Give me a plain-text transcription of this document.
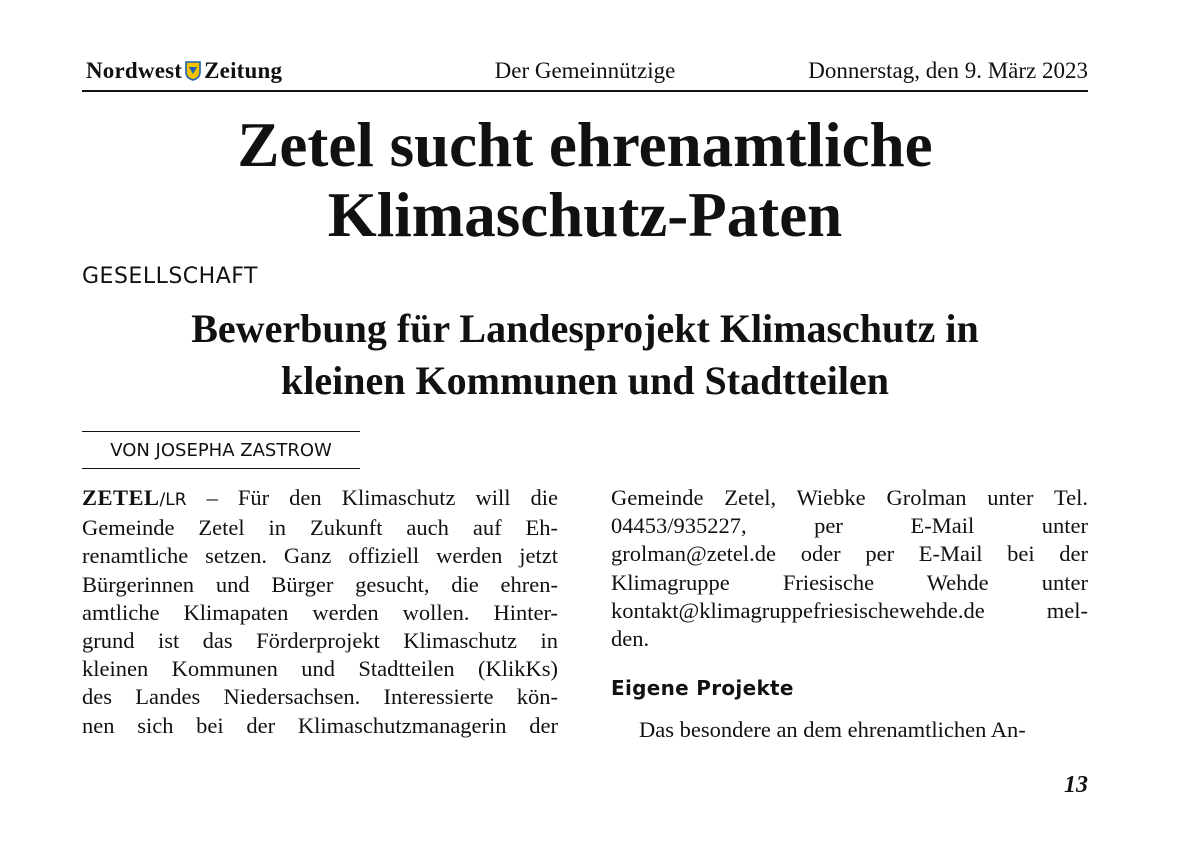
Nordwest Zeitung	Der Gemeinnützige	Donnerstag, den 9. März 2023
Zetel sucht ehrenamtliche
Klimaschutz-Paten
GESELLSCHAFT
Bewerbung für Landesprojekt Klimaschutz in
kleinen Kommunen und Stadtteilen
VON JOSEPHA ZASTROW
ZETEL/LR – Für den Klimaschutz will die
Gemeinde Zetel in Zukunft auch auf Eh-
renamtliche setzen. Ganz offiziell werden jetzt
Bürgerinnen und Bürger gesucht, die ehren-
amtliche Klimapaten werden wollen. Hinter-
grund ist das Förderprojekt Klimaschutz in
kleinen Kommunen und Stadtteilen (KlikKs)
des Landes Niedersachsen. Interessierte kön-
nen sich bei der Klimaschutzmanagerin der
Gemeinde Zetel, Wiebke Grolman unter Tel.
04453/935227, per E-Mail unter
grolman@zetel.de oder per E-Mail bei der
Klimagruppe Friesische Wehde unter
kontakt@klimagruppefriesischewehde.de mel-
den.
Eigene Projekte
Das besondere an dem ehrenamtlichen An-
13
